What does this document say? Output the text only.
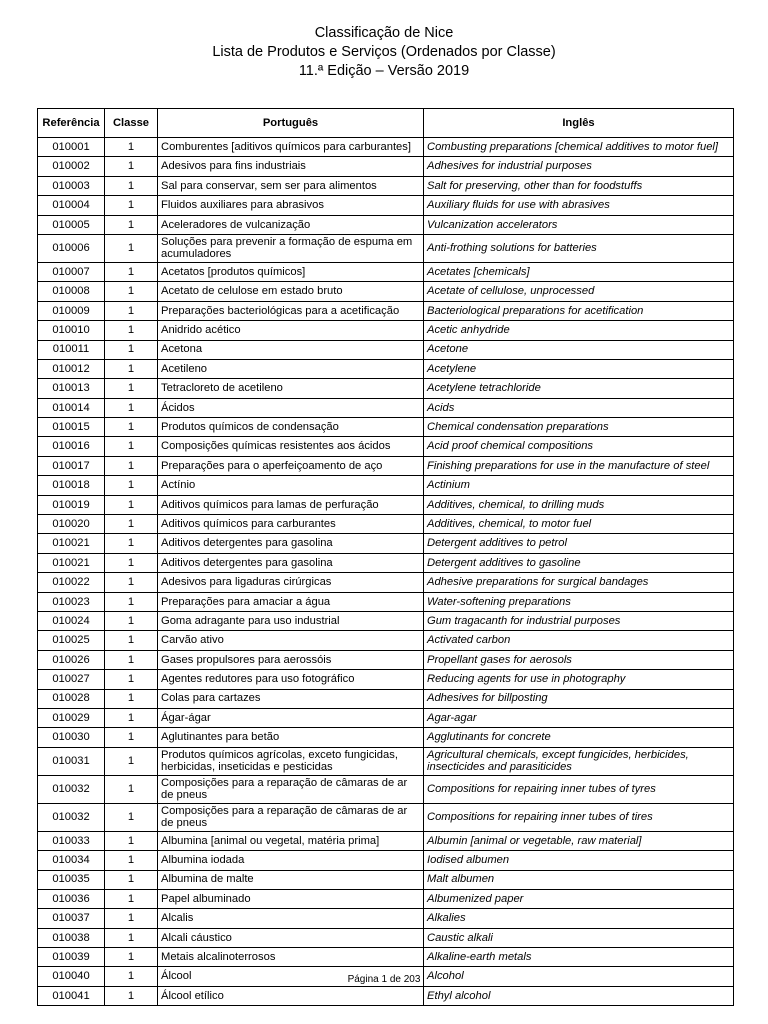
Classificação de Nice
Lista de Produtos e Serviços (Ordenados por Classe)
11.ª Edição – Versão 2019
Referência	Classe	Português	Inglês
010001	1	Comburentes [aditivos químicos para carburantes]	Combusting preparations [chemical additives to motor fuel]
010002	1	Adesivos para fins industriais	Adhesives for industrial purposes
010003	1	Sal para conservar, sem ser para alimentos	Salt for preserving, other than for foodstuffs
010004	1	Fluidos auxiliares para abrasivos	Auxiliary fluids for use with abrasives
010005	1	Aceleradores de vulcanização	Vulcanization accelerators
010006	1	Soluções para prevenir a formação de espuma em acumuladores	Anti-frothing solutions for batteries
010007	1	Acetatos [produtos químicos]	Acetates [chemicals]
010008	1	Acetato de celulose em estado bruto	Acetate of cellulose, unprocessed
010009	1	Preparações bacteriológicas para a acetificação	Bacteriological preparations for acetification
010010	1	Anidrido acético	Acetic anhydride
010011	1	Acetona	Acetone
010012	1	Acetileno	Acetylene
010013	1	Tetracloreto de acetileno	Acetylene tetrachloride
010014	1	Ácidos	Acids
010015	1	Produtos químicos de condensação	Chemical condensation preparations
010016	1	Composições químicas resistentes aos ácidos	Acid proof chemical compositions
010017	1	Preparações para o aperfeiçoamento de aço	Finishing preparations for use in the manufacture of steel
010018	1	Actínio	Actinium
010019	1	Aditivos químicos para lamas de perfuração	Additives, chemical, to drilling muds
010020	1	Aditivos químicos para carburantes	Additives, chemical, to motor fuel
010021	1	Aditivos detergentes para gasolina	Detergent additives to petrol
010021	1	Aditivos detergentes para gasolina	Detergent additives to gasoline
010022	1	Adesivos para ligaduras cirúrgicas	Adhesive preparations for surgical bandages
010023	1	Preparações para amaciar a água	Water-softening preparations
010024	1	Goma adragante para uso industrial	Gum tragacanth for industrial purposes
010025	1	Carvão ativo	Activated carbon
010026	1	Gases propulsores para aerossóis	Propellant gases for aerosols
010027	1	Agentes redutores para uso fotográfico	Reducing agents for use in photography
010028	1	Colas para cartazes	Adhesives for billposting
010029	1	Ágar-ágar	Agar-agar
010030	1	Aglutinantes para betão	Agglutinants for concrete
010031	1	Produtos químicos agrícolas, exceto fungicidas, herbicidas, inseticidas e pesticidas	Agricultural chemicals, except fungicides, herbicides, insecticides and parasiticides
010032	1	Composições para a reparação de câmaras de ar de pneus	Compositions for repairing inner tubes of tyres
010032	1	Composições para a reparação de câmaras de ar de pneus	Compositions for repairing inner tubes of tires
010033	1	Albumina [animal ou vegetal, matéria prima]	Albumin [animal or vegetable, raw material]
010034	1	Albumina iodada	Iodised albumen
010035	1	Albumina de malte	Malt albumen
010036	1	Papel albuminado	Albumenized paper
010037	1	Alcalis	Alkalies
010038	1	Alcali cáustico	Caustic alkali
010039	1	Metais alcalinoterrosos	Alkaline-earth metals
010040	1	Álcool	Alcohol
010041	1	Álcool etílico	Ethyl alcohol
Página 1 de 203
